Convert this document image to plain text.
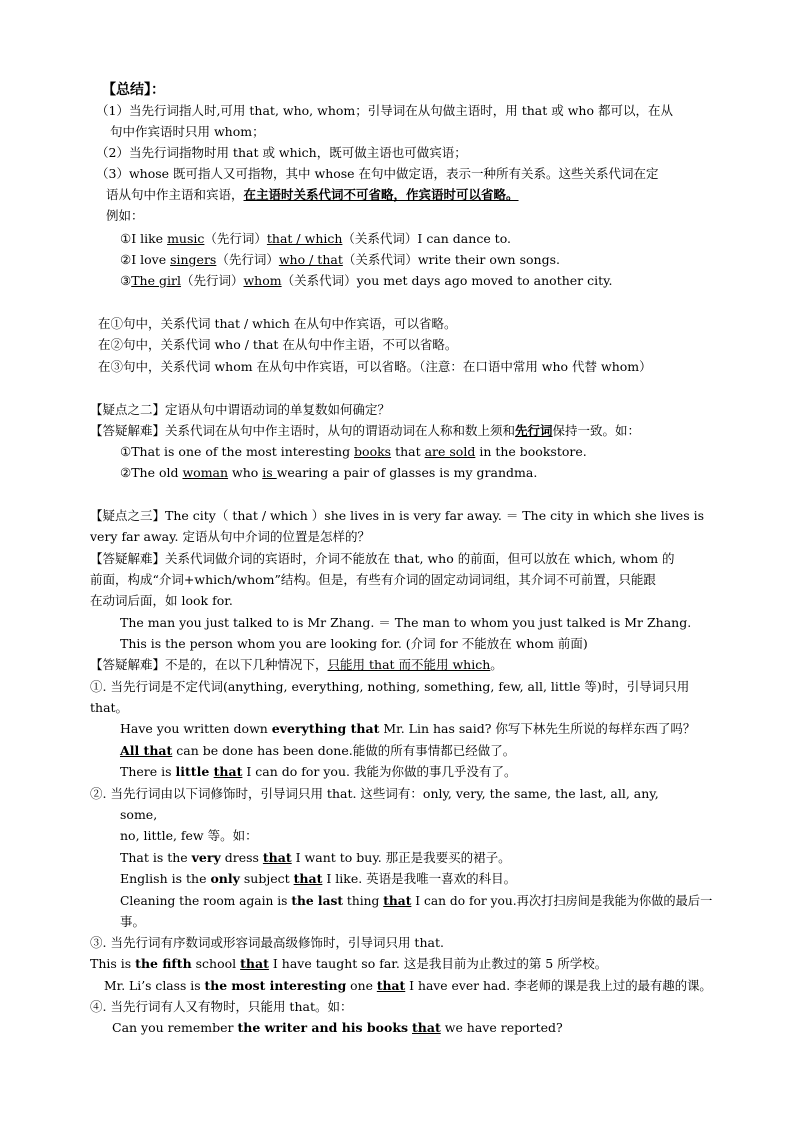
【总结】：
（1）当先行词指人时,可用 that, who, whom；引导词在从句做主语时，用 that 或 who 都可以，在从
句中作宾语时只用 whom；
（2）当先行词指物时用 that 或 which，既可做主语也可做宾语；
（3）whose 既可指人又可指物，其中 whose 在句中做定语，表示一种所有关系。这些关系代词在定
语从句中作主语和宾语，在主语时关系代词不可省略，作宾语时可以省略。
例如：
①I like music（先行词）that / which（关系代词）I can dance to.
②I love singers（先行词）who / that（关系代词）write their own songs.
③The girl（先行词）whom（关系代词）you met days ago moved to another city.
在①句中，关系代词 that / which 在从句中作宾语，可以省略。
在②句中，关系代词 who / that 在从句中作主语，不可以省略。
在③句中，关系代词 whom 在从句中作宾语，可以省略。（注意：在口语中常用 who 代替 whom）
【疑点之二】定语从句中谓语动词的单复数如何确定？
【答疑解难】关系代词在从句中作主语时，从句的谓语动词在人称和数上须和先行词保持一致。如：
①That is one of the most interesting books that are sold in the bookstore.
②The old woman who is wearing a pair of glasses is my grandma.
【疑点之三】The city（ that / which ）she lives in is very far away. ＝ The city in which she lives is
very far away. 定语从句中介词的位置是怎样的？
【答疑解难】关系代词做介词的宾语时，介词不能放在 that, who 的前面，但可以放在 which, whom 的
前面，构成“介词+which/whom”结构。但是，有些有介词的固定动词词组，其介词不可前置，只能跟
在动词后面，如 look for.
The man you just talked to is Mr Zhang. ＝ The man to whom you just talked is Mr Zhang.
This is the person whom you are looking for. (介词 for 不能放在 whom 前面)
【答疑解难】不是的，在以下几种情况下，只能用 that 而不能用 which。
①. 当先行词是不定代词(anything, everything, nothing, something, few, all, little 等)时，引导词只用
that。
Have you written down everything that Mr. Lin has said? 你写下林先生所说的每样东西了吗？
All that can be done has been done.能做的所有事情都已经做了。
There is little that I can do for you. 我能为你做的事几乎没有了。
②. 当先行词由以下词修饰时，引导词只用 that. 这些词有：only, very, the same, the last, all, any,
some,
no, little, few 等。如：
That is the very dress that I want to buy. 那正是我要买的裙子。
English is the only subject that I like. 英语是我唯一喜欢的科目。
Cleaning the room again is the last thing that I can do for you.再次打扫房间是我能为你做的最后一
事。
③. 当先行词有序数词或形容词最高级修饰时，引导词只用 that.
This is the fifth school that I have taught so far. 这是我目前为止教过的第 5 所学校。
Mr. Li’s class is the most interesting one that I have ever had. 李老师的课是我上过的最有趣的课。
④. 当先行词有人又有物时，只能用 that。如：
Can you remember the writer and his books that we have reported?
